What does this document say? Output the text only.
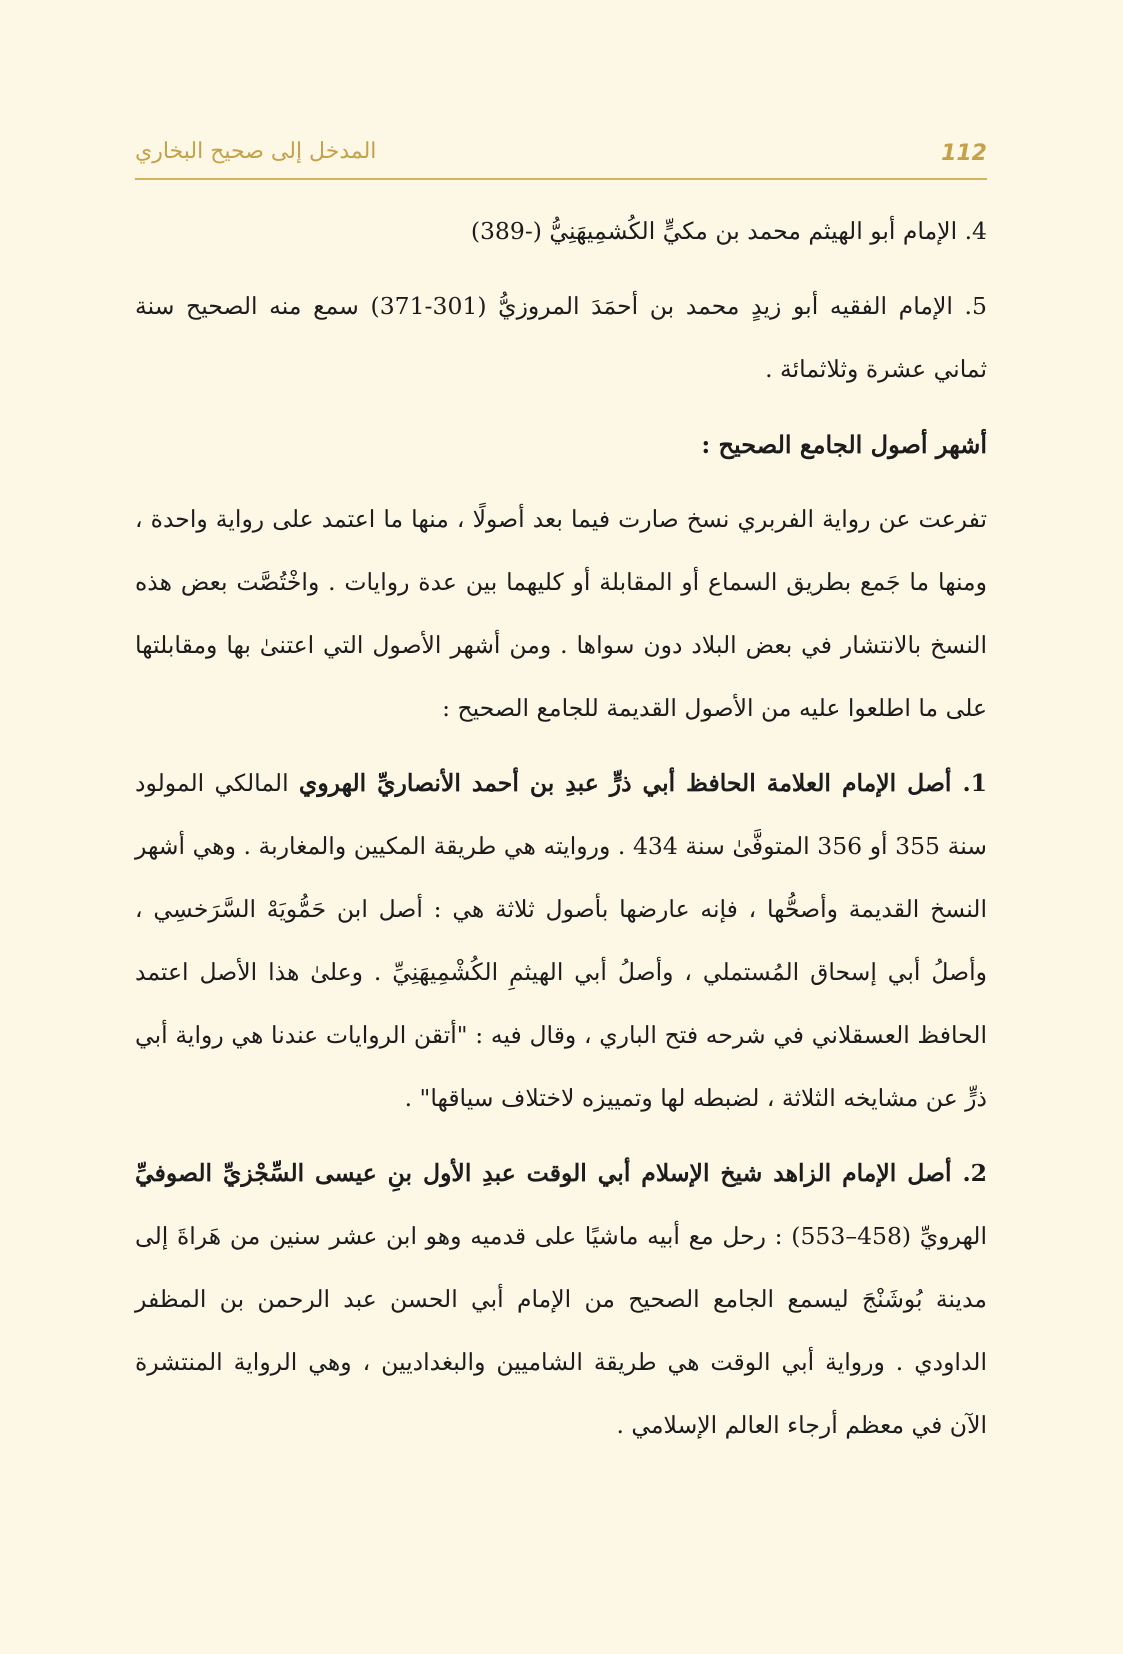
112
المدخل إلى صحيح البخاري

4. الإمام أبو الهيثم محمد بن مكيٍّ الكُشمِيهَنِيُّ (-389)

5. الإمام الفقيه أبو زيدٍ محمد بن أحمَدَ المروزيُّ (301-371) سمع منه الصحيح سنة ثماني عشرة وثلاثمائة .

أشهر أصول الجامع الصحيح :

تفرعت عن رواية الفربري نسخ صارت فيما بعد أصولًا ، منها ما اعتمد على رواية واحدة ، ومنها ما جَمع بطريق السماع أو المقابلة أو كليهما بين عدة روايات . واخْتُصَّت بعض هذه النسخ بالانتشار في بعض البلاد دون سواها . ومن أشهر الأصول التي اعتنىٰ بها ومقابلتها على ما اطلعوا عليه من الأصول القديمة للجامع الصحيح :

1. أصل الإمام العلامة الحافظ أبي ذرٍّ عبدِ بن أحمد الأنصاريِّ الهروي المالكي المولود سنة 355 أو 356 المتوفَّىٰ سنة 434 . وروايته هي طريقة المكيين والمغاربة . وهي أشهر النسخ القديمة وأصحُّها ، فإنه عارضها بأصول ثلاثة هي : أصل ابن حَمُّويَهْ السَّرَخسِي ، وأصلُ أبي إسحاق المُستملي ، وأصلُ أبي الهيثمِ الكُشْمِيهَنِيِّ . وعلىٰ هذا الأصل اعتمد الحافظ العسقلاني في شرحه فتح الباري ، وقال فيه : "أتقن الروايات عندنا هي رواية أبي ذرٍّ عن مشايخه الثلاثة ، لضبطه لها وتمييزه لاختلاف سياقها" .

2. أصل الإمام الزاهد شيخ الإسلام أبي الوقت عبدِ الأول بنِ عيسى السِّجْزيِّ الصوفيِّ الهرويِّ (458–553) : رحل مع أبيه ماشيًا على قدميه وهو ابن عشر سنين من هَراةَ إلى مدينة بُوشَنْجَ ليسمع الجامع الصحيح من الإمام أبي الحسن عبد الرحمن بن المظفر الداودي . ورواية أبي الوقت هي طريقة الشاميين والبغداديين ، وهي الرواية المنتشرة الآن في معظم أرجاء العالم الإسلامي .
